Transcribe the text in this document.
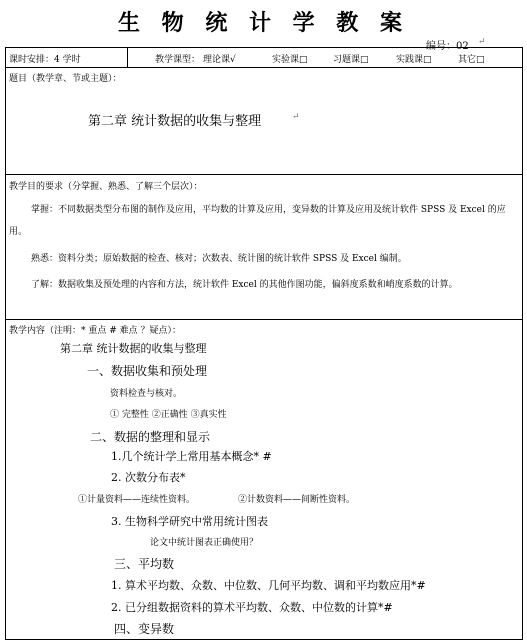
生 物 统 计 学 教 案
编号：02 ↵
课时安排：4 学时	教学课型： 理论课√	实验课□	习题课□	实践课□	其它□
题目（教学章、节或主题）：
第二章 统计数据的收集与整理	↵
教学目的要求（分掌握、熟悉、了解三个层次）：
掌握：不同数据类型分布图的制作及应用，平均数的计算及应用，变异数的计算及应用及统计软件 SPSS 及 Excel 的应用。
熟悉：资料分类；原始数据的检查、核对；次数表、统计图的统计软件 SPSS 及 Excel 编制。
了解：数据收集及预处理的内容和方法，统计软件 Excel 的其他作图功能，偏斜度系数和峭度系数的计算。
教学内容（注明：* 重点 # 难点 ？疑点）：
第二章 统计数据的收集与整理
一、数据收集和预处理
资料检查与核对。
① 完整性 ②正确性 ③真实性
二、数据的整理和显示
1.几个统计学上常用基本概念* #
2. 次数分布表*
①计量资料——连续性资料。	②计数资料——间断性资料。
3. 生物科学研究中常用统计图表
论文中统计图表正确使用？
三、平均数
1. 算术平均数、众数、中位数、几何平均数、调和平均数应用*#
2. 已分组数据资料的算术平均数、众数、中位数的计算*#
四、变异数
